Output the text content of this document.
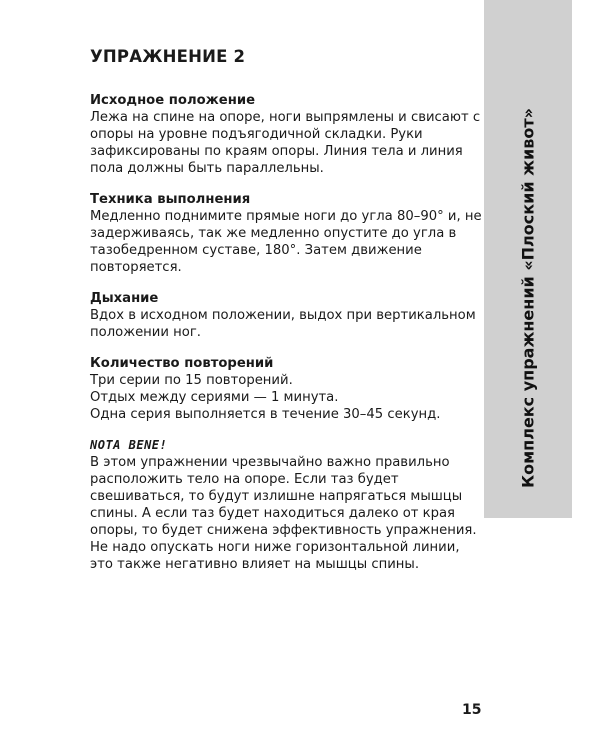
Комплекс упражнений «Плоский живот»
УПРАЖНЕНИЕ 2
Исходное положение

Лежа на спине на опоре, ноги выпрямлены и свисают с опоры на уровне подъягодичной складки. Руки зафиксированы по краям опоры. Линия тела и линия пола должны быть параллельны.

Техника выполнения

Медленно поднимите прямые ноги до угла 80–90° и, не задерживаясь, так же медленно опустите до угла в тазобедренном суставе, 180°. Затем движение повторяется.

Дыхание

Вдох в исходном положении, выдох при вертикальном положении ног.

Количество повторений

Три серии по 15 повторений.

Отдых между сериями — 1 минута.

Одна серия выполняется в течение 30–45 секунд.

NOTA BENE!

В этом упражнении чрезвычайно важно правильно расположить тело на опоре. Если таз будет свешиваться, то будут излишне напрягаться мышцы спины. А если таз будет находиться далеко от края опоры, то будет снижена эффективность упражнения.

Не надо опускать ноги ниже горизонтальной линии, это также негативно влияет на мышцы спины.

15
